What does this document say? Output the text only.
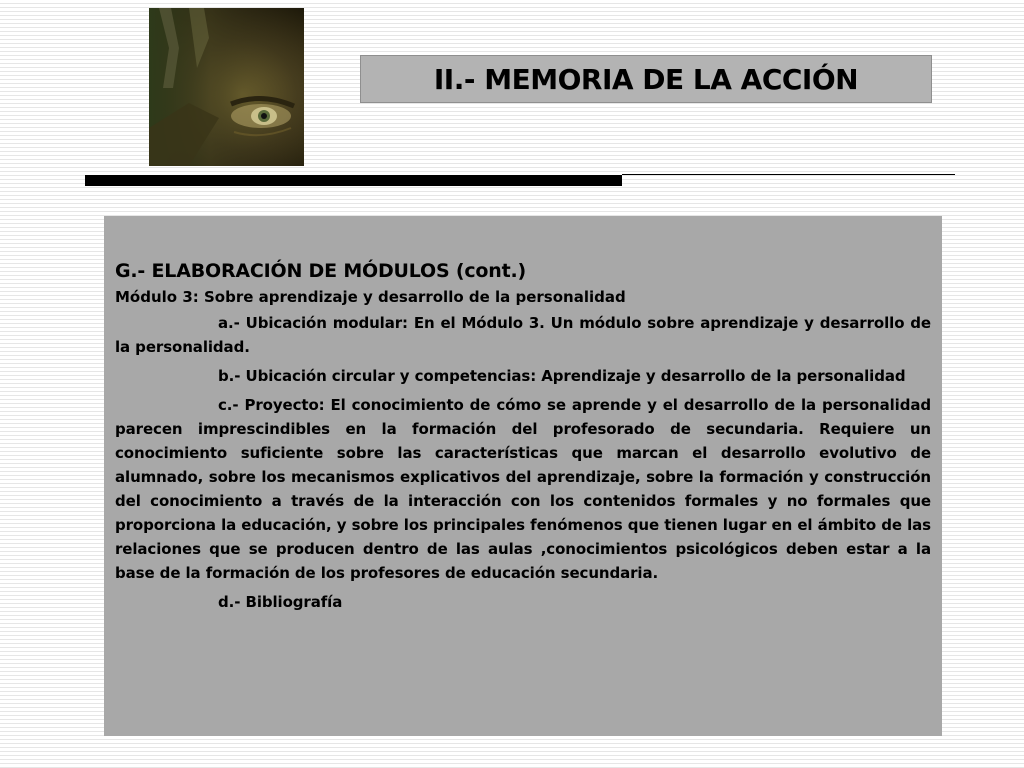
II.- MEMORIA DE LA ACCIÓN
G.- ELABORACIÓN DE MÓDULOS (cont.)
Módulo 3: Sobre aprendizaje y desarrollo de la personalidad
a.- Ubicación modular: En el Módulo 3. Un módulo sobre aprendizaje y desarrollo de la personalidad.
b.- Ubicación circular y competencias: Aprendizaje y desarrollo de la personalidad
c.- Proyecto: El conocimiento de cómo se aprende y el desarrollo de la personalidad parecen imprescindibles en la formación del profesorado de secundaria. Requiere un conocimiento suficiente sobre las características que marcan el desarrollo evolutivo de alumnado, sobre los mecanismos explicativos del aprendizaje, sobre la formación y construcción del conocimiento a través de la interacción con los contenidos formales y no formales que proporciona la educación, y sobre los principales fenómenos que tienen lugar en el ámbito de las relaciones que se producen dentro de las aulas ,conocimientos psicológicos deben estar a la base de la formación de los profesores de educación secundaria.
d.- Bibliografía
